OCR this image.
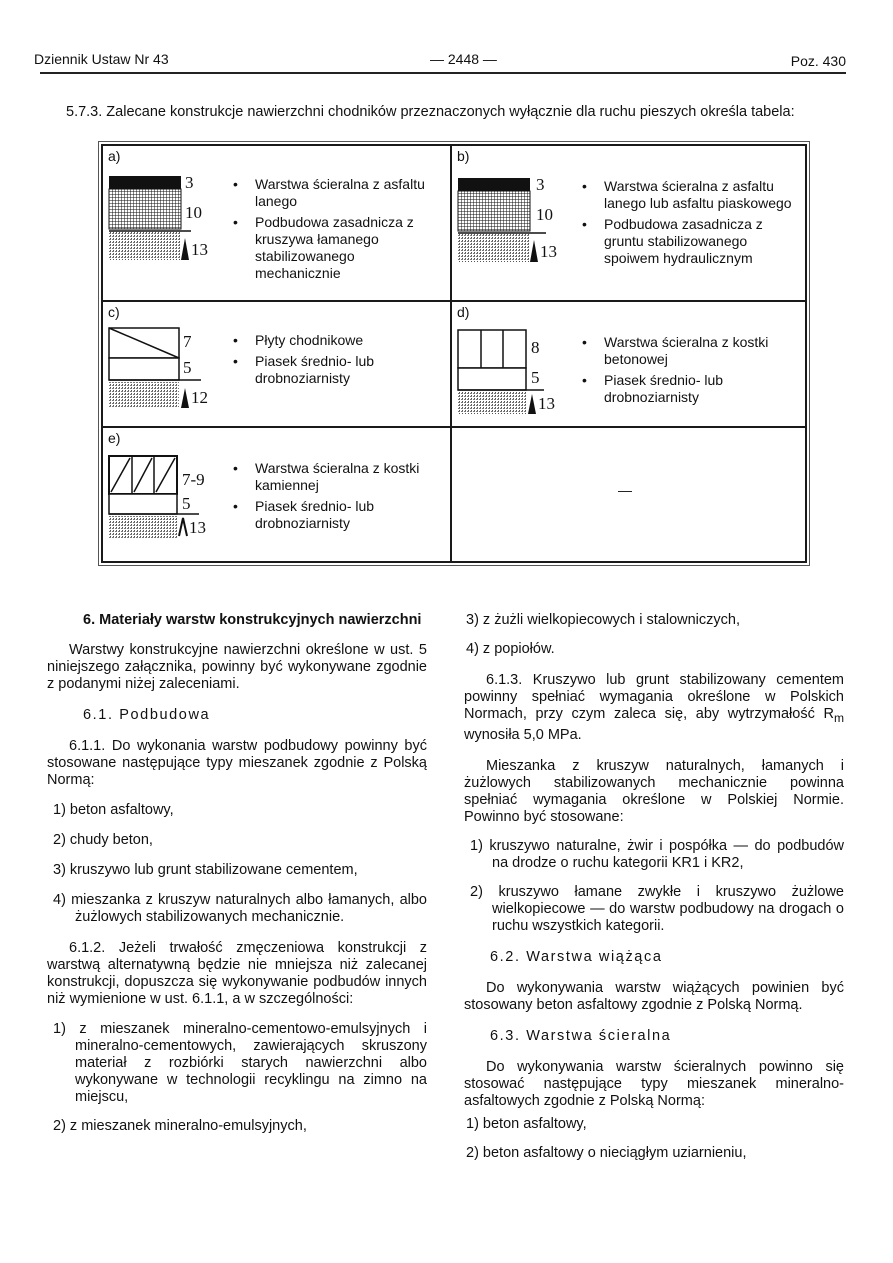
Dziennik Ustaw Nr 43	— 2448 —	Poz. 430

5.7.3. Zalecane konstrukcje nawierzchni chodników przeznaczonych wyłącznie dla ruchu pieszych określa tabela:

a)
3
10
13
• Warstwa ścieralna z asfaltu lanego
• Podbudowa zasadnicza z kruszywa łamanego stabilizowanego mechanicznie
b)
3
10
13
• Warstwa ścieralna z asfaltu lanego lub asfaltu piaskowego
• Podbudowa zasadnicza z gruntu stabilizowanego spoiwem hydraulicznym
c)
7
5
12
• Płyty chodnikowe
• Piasek średnio- lub drobnoziarnisty
d)
8
5
13
• Warstwa ścieralna z kostki betonowej
• Piasek średnio- lub drobnoziarnisty
e)
7-9
5
13
• Warstwa ścieralna z kostki kamiennej
• Piasek średnio- lub drobnoziarnisty
—

6. Materiały warstw konstrukcyjnych nawierzchni

Warstwy konstrukcyjne nawierzchni określone w ust. 5 niniejszego załącznika, powinny być wykonywane zgodnie z podanymi niżej zaleceniami.

6.1. Podbudowa

6.1.1. Do wykonania warstw podbudowy powinny być stosowane następujące typy mieszanek zgodnie z Polską Normą:

1) beton asfaltowy,

2) chudy beton,

3) kruszywo lub grunt stabilizowane cementem,

4) mieszanka z kruszyw naturalnych albo łamanych, albo żużlowych stabilizowanych mechanicznie.

6.1.2. Jeżeli trwałość zmęczeniowa konstrukcji z warstwą alternatywną będzie nie mniejsza niż zalecanej konstrukcji, dopuszcza się wykonywanie podbudów innych niż wymienione w ust. 6.1.1, a w szczególności:

1) z mieszanek mineralno-cementowo-emulsyjnych i mineralno-cementowych, zawierających skruszony materiał z rozbiórki starych nawierzchni albo wykonywane w technologii recyklingu na zimno na miejscu,

2) z mieszanek mineralno-emulsyjnych,

3) z żużli wielkopiecowych i stalowniczych,

4) z popiołów.

6.1.3. Kruszywo lub grunt stabilizowany cementem powinny spełniać wymagania określone w Polskich Normach, przy czym zaleca się, aby wytrzymałość $R_m$ wynosiła 5,0 MPa.

Mieszanka z kruszyw naturalnych, łamanych i żużlowych stabilizowanych mechanicznie powinna spełniać wymagania określone w Polskiej Normie. Powinno być stosowane:

1) kruszywo naturalne, żwir i pospółka — do podbudów na drodze o ruchu kategorii KR1 i KR2,

2) kruszywo łamane zwykłe i kruszywo żużlowe wielkopiecowe — do warstw podbudowy na drogach o ruchu wszystkich kategorii.

6.2. Warstwa wiążąca

Do wykonywania warstw wiążących powinien być stosowany beton asfaltowy zgodnie z Polską Normą.

6.3. Warstwa ścieralna

Do wykonywania warstw ścieralnych powinno się stosować następujące typy mieszanek mineralno-asfaltowych zgodnie z Polską Normą:

1) beton asfaltowy,

2) beton asfaltowy o nieciągłym uziarnieniu,
